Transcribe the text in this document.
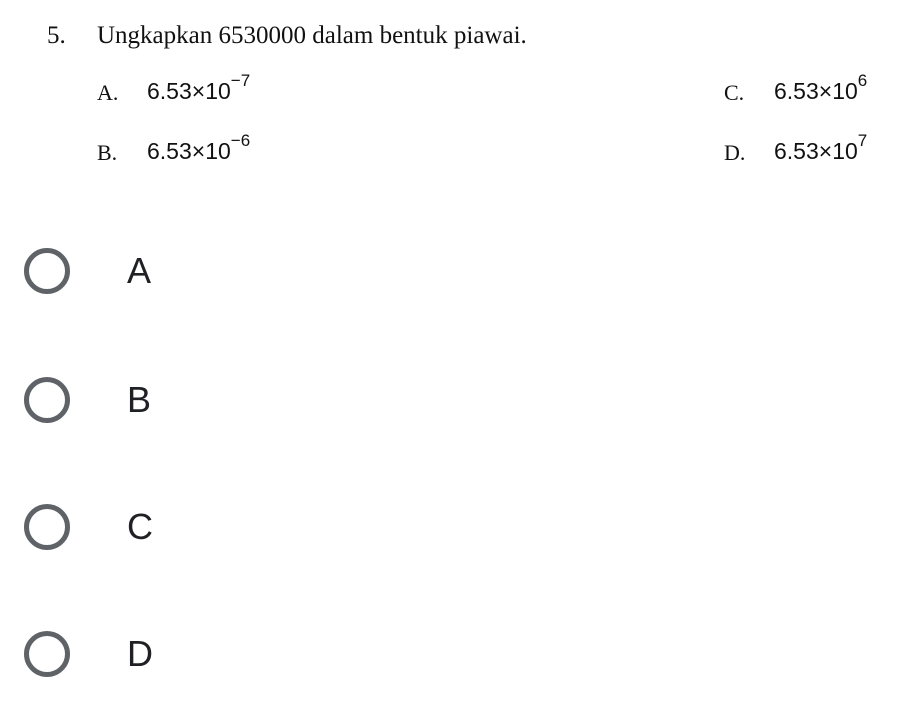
5. Ungkapkan 6530000 dalam bentuk piawai.
A. $6.53\times 10^{-7}$
B. $6.53\times 10^{-6}$
C. $6.53\times 10^6$
D. $6.53\times 10^7$
A
B
C
D
